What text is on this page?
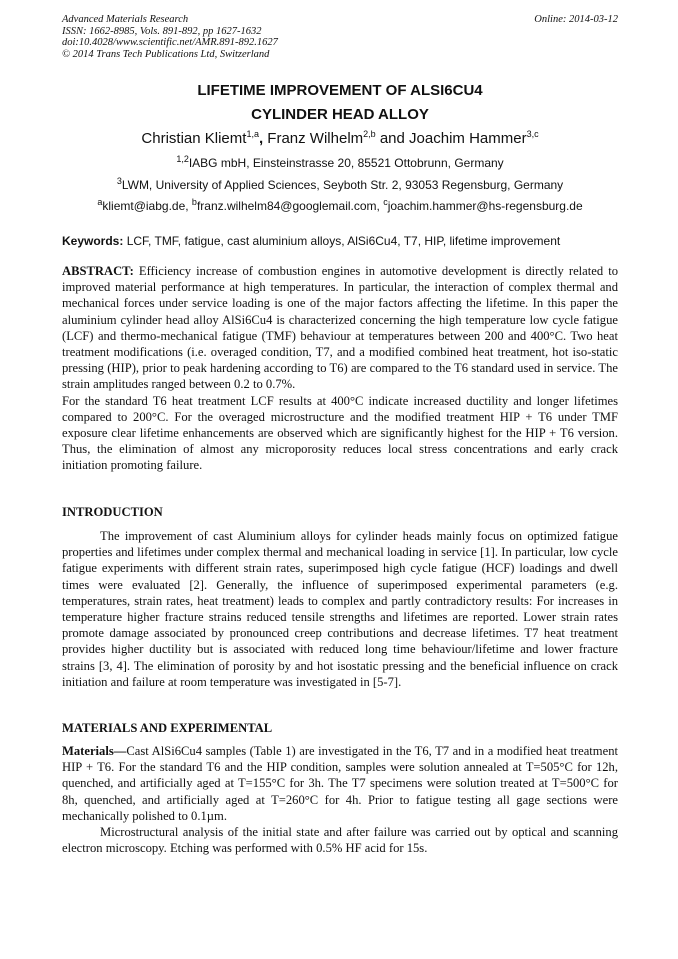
Advanced Materials Research
ISSN: 1662-8985, Vols. 891-892, pp 1627-1632
doi:10.4028/www.scientific.net/AMR.891-892.1627
© 2014 Trans Tech Publications Ltd, Switzerland
Online: 2014-03-12
LIFETIME IMPROVEMENT OF ALSI6CU4
CYLINDER HEAD ALLOY
Christian Kliemt$^{1,a}$, Franz Wilhelm$^{2,b}$ and Joachim Hammer$^{3,c}$
$^{1,2}$IABG mbH, Einsteinstrasse 20, 85521 Ottobrunn, Germany
$^3$LWM, University of Applied Sciences, Seyboth Str. 2, 93053 Regensburg, Germany
$^a$kliemt@iabg.de, $^b$franz.wilhelm84@googlemail.com, $^c$joachim.hammer@hs-regensburg.de
Keywords: LCF, TMF, fatigue, cast aluminium alloys, AlSi6Cu4, T7, HIP, lifetime improvement

ABSTRACT: Efficiency increase of combustion engines in automotive development is directly related to improved material performance at high temperatures. In particular, the interaction of complex thermal and mechanical forces under service loading is one of the major factors affecting the lifetime. In this paper the aluminium cylinder head alloy AlSi6Cu4 is characterized concerning the high temperature low cycle fatigue (LCF) and thermo-mechanical fatigue (TMF) behaviour at temperatures between 200 and 400°C. Two heat treatment modifications (i.e. overaged condition, T7, and a modified combined heat treatment, hot iso-static pressing (HIP), prior to peak hardening according to T6) are compared to the T6 standard used in service. The strain amplitudes ranged between 0.2 to 0.7%.

For the standard T6 heat treatment LCF results at 400°C indicate increased ductility and longer lifetimes compared to 200°C. For the overaged microstructure and the modified treatment HIP + T6 under TMF exposure clear lifetime enhancements are observed which are significantly highest for the HIP + T6 version. Thus, the elimination of almost any microporosity reduces local stress concentrations and early crack initiation promoting failure.

INTRODUCTION

The improvement of cast Aluminium alloys for cylinder heads mainly focus on optimized fatigue properties and lifetimes under complex thermal and mechanical loading in service [1]. In particular, low cycle fatigue experiments with different strain rates, superimposed high cycle fatigue (HCF) loadings and dwell times were evaluated [2]. Generally, the influence of superimposed experimental parameters (e.g. temperatures, strain rates, heat treatment) leads to complex and partly contradictory results: For increases in temperature higher fracture strains reduced tensile strengths and lifetimes are reported. Lower strain rates promote damage associated by pronounced creep contributions and decrease lifetimes. T7 heat treatment provides higher ductility but is associated with reduced long time behaviour/lifetime and lower fracture strains [3, 4]. The elimination of porosity by and hot isostatic pressing and the beneficial influence on crack initiation and failure at room temperature was investigated in [5-7].

MATERIALS AND EXPERIMENTAL

Materials—Cast AlSi6Cu4 samples (Table 1) are investigated in the T6, T7 and in a modified heat treatment HIP + T6. For the standard T6 and the HIP condition, samples were solution annealed at T=505°C for 12h, quenched, and artificially aged at T=155°C for 3h. The T7 specimens were solution treated at T=500°C for 8h, quenched, and artificially aged at T=260°C for 4h. Prior to fatigue testing all gage sections were mechanically polished to 0.1µm.

Microstructural analysis of the initial state and after failure was carried out by optical and scanning electron microscopy. Etching was performed with 0.5% HF acid for 15s.
